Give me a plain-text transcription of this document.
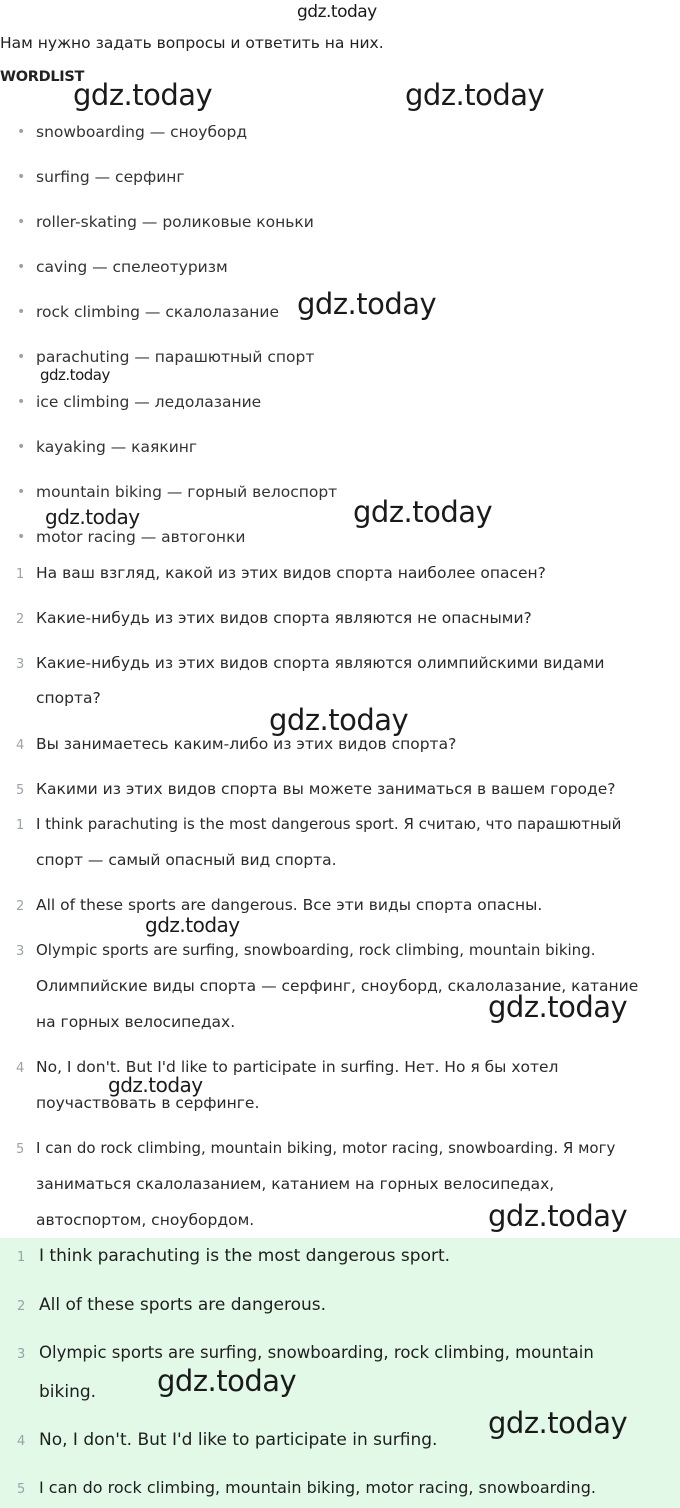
gdz.today
Нам нужно задать вопросы и ответить на них.
WORDLIST
• snowboarding — сноуборд
• surfing — серфинг
• roller-skating — роликовые коньки
• caving — спелеотуризм
• rock climbing — скалолазание
• parachuting — парашютный спорт
• ice climbing — ледолазание
• kayaking — каякинг
• mountain biking — горный велоспорт
• motor racing — автогонки
1 На ваш взгляд, какой из этих видов спорта наиболее опасен?
2 Какие-нибудь из этих видов спорта являются не опасными?
3 Какие-нибудь из этих видов спорта являются олимпийскими видами
спорта?
4 Вы занимаетесь каким-либо из этих видов спорта?
5 Какими из этих видов спорта вы можете заниматься в вашем городе?
1 I think parachuting is the most dangerous sport. Я считаю, что парашютный
спорт — самый опасный вид спорта.
2 All of these sports are dangerous. Все эти виды спорта опасны.
3 Olympic sports are surfing, snowboarding, rock climbing, mountain biking.
Олимпийские виды спорта — серфинг, сноуборд, скалолазание, катание
на горных велосипедах.
4 No, I don't. But I'd like to participate in surfing. Нет. Но я бы хотел
поучаствовать в серфинге.
5 I can do rock climbing, mountain biking, motor racing, snowboarding. Я могу
заниматься скалолазанием, катанием на горных велосипедах,
автоспортом, сноубордом.
1 I think parachuting is the most dangerous sport.
2 All of these sports are dangerous.
3 Olympic sports are surfing, snowboarding, rock climbing, mountain
biking.
4 No, I don't. But I'd like to participate in surfing.
5 I can do rock climbing, mountain biking, motor racing, snowboarding.
gdz.today	gdz.today
gdz.today
gdz.today
gdz.today	gdz.today
gdz.today
gdz.today
gdz.today
gdz.today
gdz.today
gdz.today
gdz.today
